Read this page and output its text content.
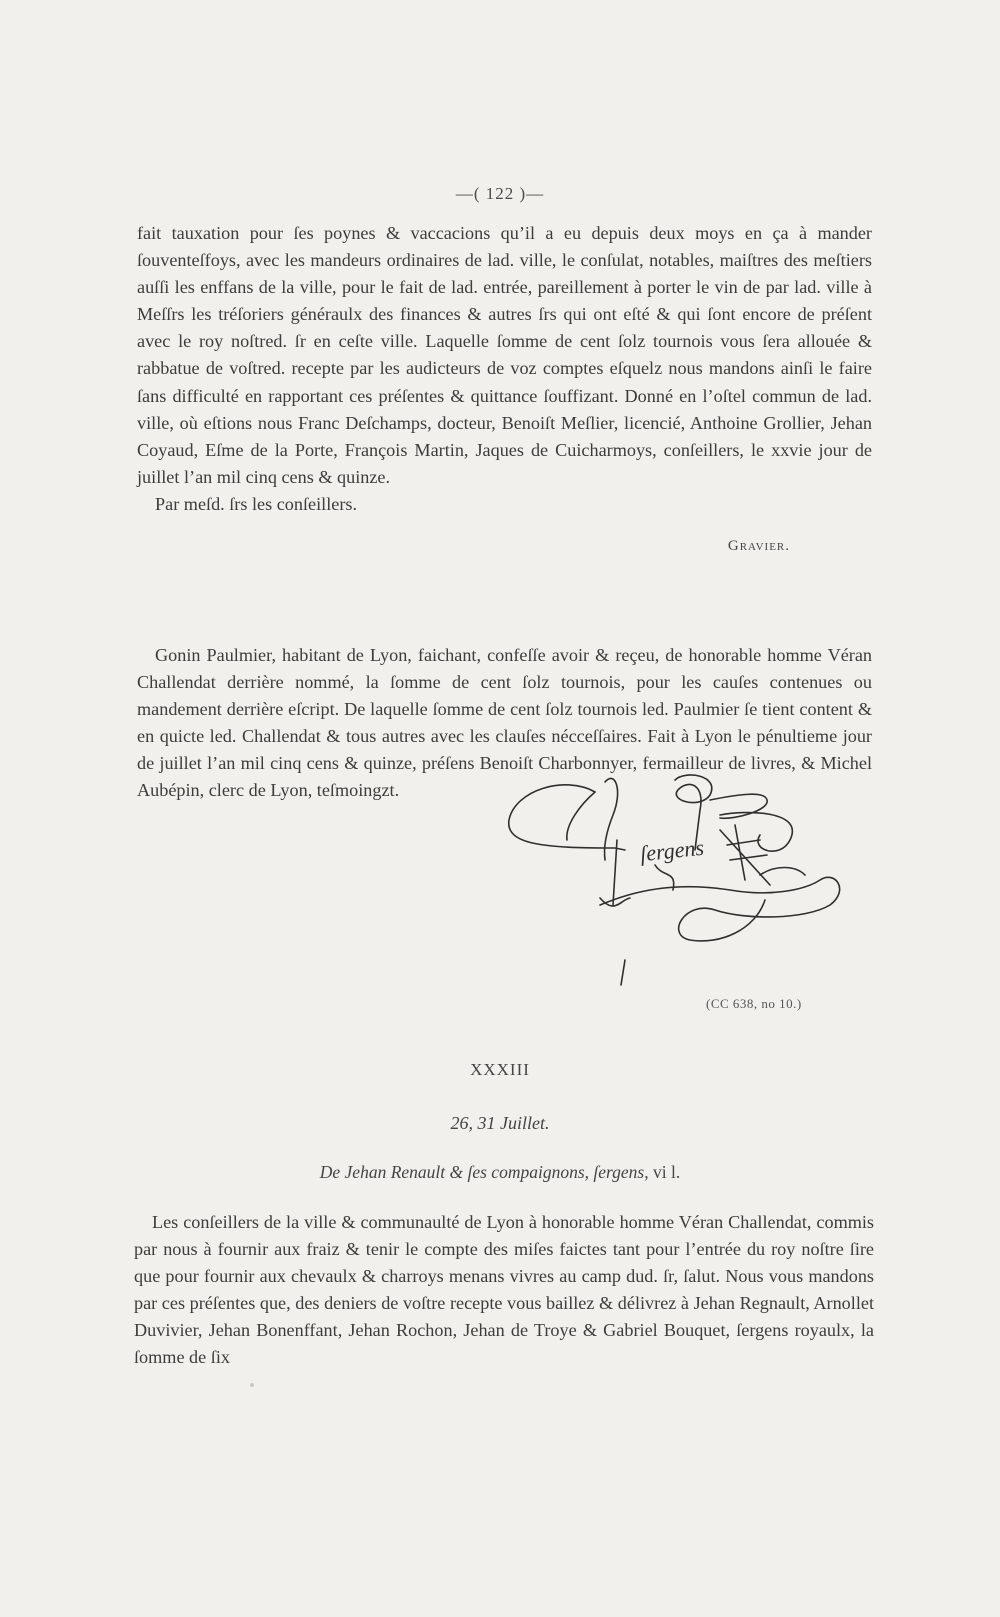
—( 122 )—

fait tauxation pour ſes poynes & vaccacions qu’il a eu depuis deux moys en ça à mander ſouventeſfoys, avec les mandeurs ordinaires de lad. ville, le conſulat, notables, maiſtres des meſtiers auſſi les enffans de la ville, pour le fait de lad. entrée, pareillement à porter le vin de par lad. ville à Meſſrs les tréſoriers généraulx des finances & autres ſrs qui ont eſté & qui ſont encore de préſent avec le roy noſtred. ſr en ceſte ville. Laquelle ſomme de cent ſolz tournois vous ſera allouée & rabbatue de voſtred. recepte par les audicteurs de voz comptes eſquelz nous mandons ainſi le faire ſans difficulté en rapportant ces préſentes & quittance ſouffizant. Donné en l’oſtel commun de lad. ville, où eſtions nous Franc Deſchamps, docteur, Benoiſt Meſlier, licencié, Anthoine Grollier, Jehan Coyaud, Eſme de la Porte, François Martin, Jaques de Cuicharmoys, conſeillers, le xxvie jour de juillet l’an mil cinq cens & quinze.

Par meſd. ſrs les conſeillers.

Gravier.

Gonin Paulmier, habitant de Lyon, faichant, confeſſe avoir & reçeu, de honorable homme Véran Challendat derrière nommé, la ſomme de cent ſolz tournois, pour les cauſes contenues ou mandement derrière eſcript. De laquelle ſomme de cent ſolz tournois led. Paulmier ſe tient content & en quicte led. Challendat & tous autres avec les clauſes nécceſſaires. Fait à Lyon le pénultieme jour de juillet l’an mil cinq cens & quinze, préſens Benoiſt Charbonnyer, fermailleur de livres, & Michel Aubépin, clerc de Lyon, teſmoingzt.

ſergens
(CC 638, no 10.)
XXXIII
26, 31 Juillet.
De Jehan Renault & ſes compaignons, ſergens, vi l.

Les conſeillers de la ville & communaulté de Lyon à honorable homme Véran Challendat, commis par nous à fournir aux fraiz & tenir le compte des miſes faictes tant pour l’entrée du roy noſtre ſire que pour fournir aux chevaulx & charroys menans vivres au camp dud. ſr, ſalut. Nous vous mandons par ces préſentes que, des deniers de voſtre recepte vous baillez & délivrez à Jehan Regnault, Arnollet Duvivier, Jehan Bonenffant, Jehan Rochon, Jehan de Troye & Gabriel Bouquet, ſergens royaulx, la ſomme de ſix
